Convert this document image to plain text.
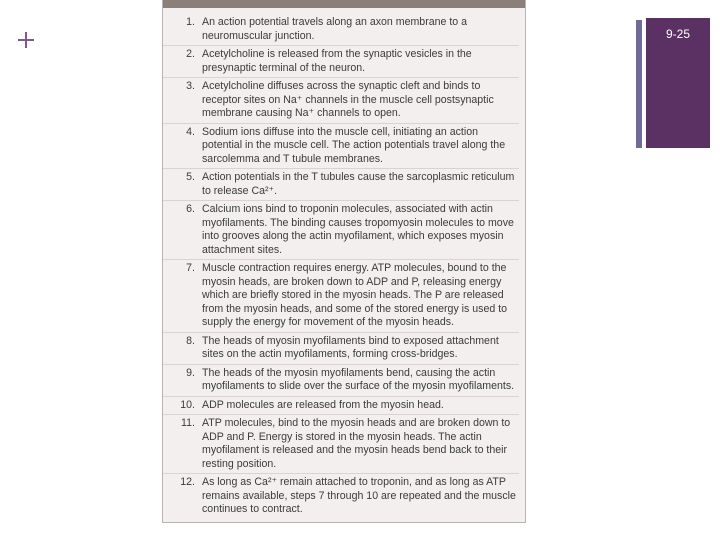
9-25
1. An action potential travels along an axon membrane to a neuromuscular junction.
2. Acetylcholine is released from the synaptic vesicles in the presynaptic terminal of the neuron.
3. Acetylcholine diffuses across the synaptic cleft and binds to receptor sites on Na⁺ channels in the muscle cell postsynaptic membrane causing Na⁺ channels to open.
4. Sodium ions diffuse into the muscle cell, initiating an action potential in the muscle cell. The action potentials travel along the sarcolemma and T tubule membranes.
5. Action potentials in the T tubules cause the sarcoplasmic reticulum to release Ca²⁺.
6. Calcium ions bind to troponin molecules, associated with actin myofilaments. The binding causes tropomyosin molecules to move into grooves along the actin myofilament, which exposes myosin attachment sites.
7. Muscle contraction requires energy. ATP molecules, bound to the myosin heads, are broken down to ADP and P, releasing energy which are briefly stored in the myosin heads. The P are released from the myosin heads, and some of the stored energy is used to supply the energy for movement of the myosin heads.
8. The heads of myosin myofilaments bind to exposed attachment sites on the actin myofilaments, forming cross-bridges.
9. The heads of the myosin myofilaments bend, causing the actin myofilaments to slide over the surface of the myosin myofilaments.
10. ADP molecules are released from the myosin head.
11. ATP molecules, bind to the myosin heads and are broken down to ADP and P. Energy is stored in the myosin heads. The actin myofilament is released and the myosin heads bend back to their resting position.
12. As long as Ca²⁺ remain attached to troponin, and as long as ATP remains available, steps 7 through 10 are repeated and the muscle continues to contract.
